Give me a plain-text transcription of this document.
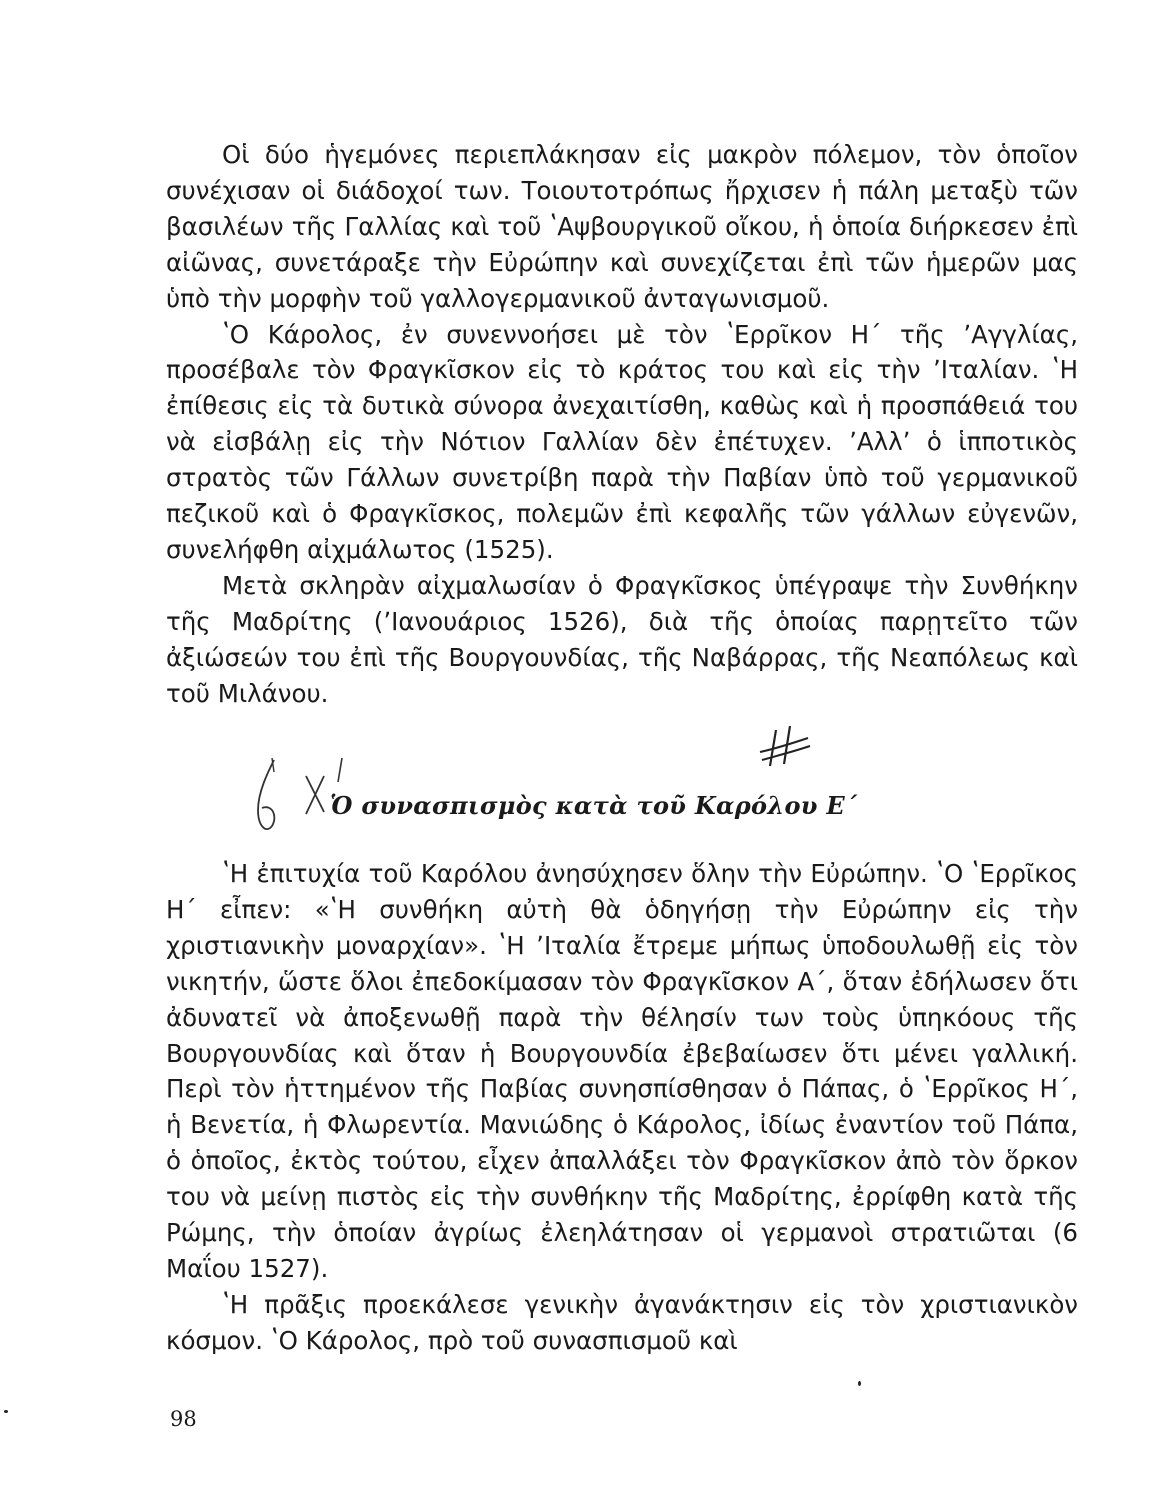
Οἱ δύο ἡγεμόνες περιεπλάκησαν εἰς μακρὸν πόλεμον, τὸν ὁποῖον συνέχισαν οἱ διάδοχοί των. Τοιουτοτρόπως ἤρχισεν ἡ πάλη μεταξὺ τῶν βασιλέων τῆς Γαλλίας καὶ τοῦ ʽΑψβουργικοῦ οἴκου, ἡ ὁποία διήρκεσεν ἐπὶ αἰῶνας, συνετάραξε τὴν Εὐρώπην καὶ συνεχίζεται ἐπὶ τῶν ἡμερῶν μας ὑπὸ τὴν μορφὴν τοῦ γαλλογερμανικοῦ ἀνταγωνισμοῦ.

ʽΟ Κάρολος, ἐν συνεννοήσει μὲ τὸν ʽΕρρῖκον Η΄ τῆς ʼΑγγλίας, προσέβαλε τὸν Φραγκῖσκον εἰς τὸ κράτος του καὶ εἰς τὴν ʼΙταλίαν. ʽΗ ἐπίθεσις εἰς τὰ δυτικὰ σύνορα ἀνεχαιτίσθη, καθὼς καὶ ἡ προσπάθειά του νὰ εἰσβάλῃ εἰς τὴν Νότιον Γαλλίαν δὲν ἐπέτυχεν. ʼΑλλʼ ὁ ἱπποτικὸς στρατὸς τῶν Γάλλων συνετρίβη παρὰ τὴν Παβίαν ὑπὸ τοῦ γερμανικοῦ πεζικοῦ καὶ ὁ Φραγκῖσκος, πολεμῶν ἐπὶ κεφαλῆς τῶν γάλλων εὐγενῶν, συνελήφθη αἰχμάλωτος (1525).

Μετὰ σκληρὰν αἰχμαλωσίαν ὁ Φραγκῖσκος ὑπέγραψε τὴν Συνθήκην τῆς Μαδρίτης (ʼΙανουάριος 1526), διὰ τῆς ὁποίας παρῃτεῖτο τῶν ἀξιώσεών του ἐπὶ τῆς Βουργουνδίας, τῆς Ναβάρρας, τῆς Νεαπόλεως καὶ τοῦ Μιλάνου.

Ὁ συνασπισμὸς κατὰ τοῦ Καρόλου Ε΄

ʽΗ ἐπιτυχία τοῦ Καρόλου ἀνησύχησεν ὅλην τὴν Εὐρώπην. ʽΟ ʽΕρρῖκος Η΄ εἶπεν: «ʽΗ συνθήκη αὐτὴ θὰ ὁδηγήσῃ τὴν Εὐρώπην εἰς τὴν χριστιανικὴν μοναρχίαν». ʽΗ ʼΙταλία ἔτρεμε μήπως ὑποδουλωθῇ εἰς τὸν νικητήν, ὥστε ὅλοι ἐπεδοκίμασαν τὸν Φραγκῖσκον Α΄, ὅταν ἐδήλωσεν ὅτι ἀδυνατεῖ νὰ ἀποξενωθῇ παρὰ τὴν θέλησίν των τοὺς ὑπηκόους τῆς Βουργουνδίας καὶ ὅταν ἡ Βουργουνδία ἐβεβαίωσεν ὅτι μένει γαλλική. Περὶ τὸν ἡττημένον τῆς Παβίας συνησπίσθησαν ὁ Πάπας, ὁ ʽΕρρῖκος Η΄, ἡ Βενετία, ἡ Φλωρεντία. Μανιώδης ὁ Κάρολος, ἰδίως ἐναντίον τοῦ Πάπα, ὁ ὁποῖος, ἐκτὸς τούτου, εἶχεν ἀπαλλάξει τὸν Φραγκῖσκον ἀπὸ τὸν ὅρκον του νὰ μείνῃ πιστὸς εἰς τὴν συνθήκην τῆς Μαδρίτης, ἐρρίφθη κατὰ τῆς Ρώμης, τὴν ὁποίαν ἀγρίως ἐλεηλάτησαν οἱ γερμανοὶ στρατιῶται (6 Μαΐου 1527).

ʽΗ πρᾶξις προεκάλεσε γενικὴν ἀγανάκτησιν εἰς τὸν χριστιανικὸν κόσμον. ʽΟ Κάρολος, πρὸ τοῦ συνασπισμοῦ καὶ

98
